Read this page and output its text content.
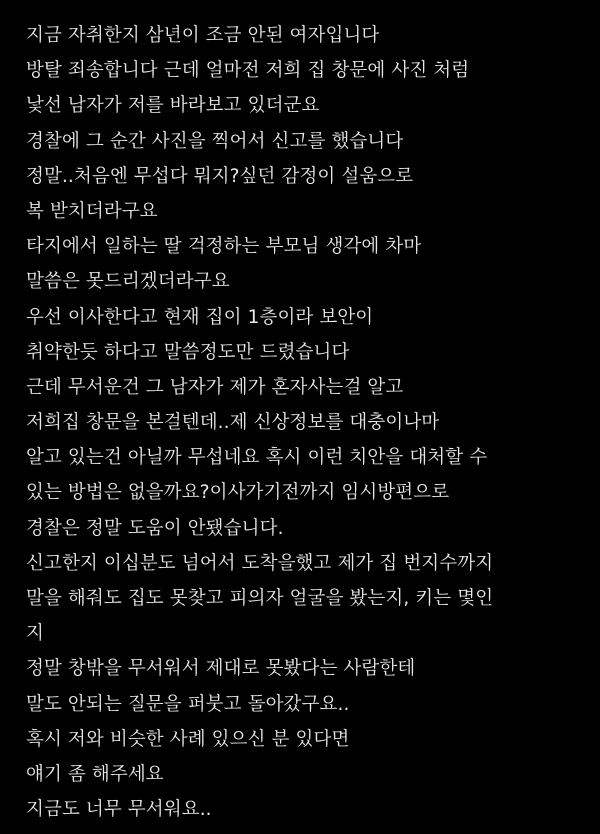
지금 자취한지 삼년이 조금 안된 여자입니다
방탈 죄송합니다 근데 얼마전 저희 집 창문에 사진 처럼
낯선 남자가 저를 바라보고 있더군요
경찰에 그 순간 사진을 찍어서 신고를 했습니다
정말..처음엔 무섭다 뭐지?싶던 감정이 설움으로
복 받치더라구요
타지에서 일하는 딸 걱정하는 부모님 생각에 차마
말씀은 못드리겠더라구요
우선 이사한다고 현재 집이 1층이라 보안이
취약한듯 하다고 말씀정도만 드렸습니다
근데 무서운건 그 남자가 제가 혼자사는걸 알고
저희집 창문을 본걸텐데..제 신상정보를 대충이나마
알고 있는건 아닐까 무섭네요 혹시 이런 치안을 대처할 수
있는 방법은 없을까요?이사가기전까지 임시방편으로
경찰은 정말 도움이 안됐습니다.
신고한지 이십분도 넘어서 도착을했고 제가 집 번지수까지
말을 해줘도 집도 못찾고 피의자 얼굴을 봤는지, 키는 몇인
지
정말 창밖을 무서워서 제대로 못봤다는 사람한테
말도 안되는 질문을 퍼붓고 돌아갔구요..
혹시 저와 비슷한 사례 있으신 분 있다면
얘기 좀 해주세요
지금도 너무 무서워요..
